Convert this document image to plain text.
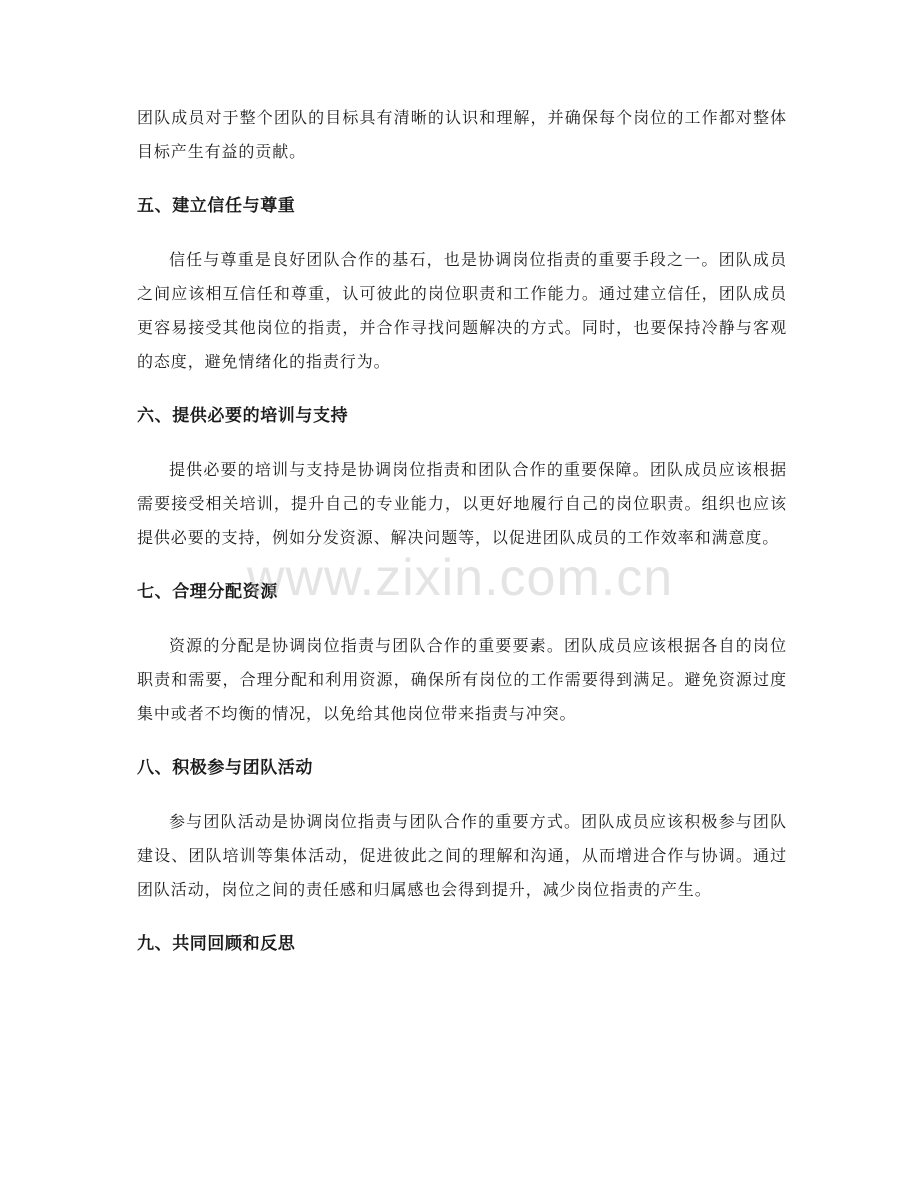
团队成员对于整个团队的目标具有清晰的认识和理解，并确保每个岗位的工作都对整体目标产生有益的贡献。

五、建立信任与尊重

信任与尊重是良好团队合作的基石，也是协调岗位指责的重要手段之一。团队成员之间应该相互信任和尊重，认可彼此的岗位职责和工作能力。通过建立信任，团队成员更容易接受其他岗位的指责，并合作寻找问题解决的方式。同时，也要保持冷静与客观的态度，避免情绪化的指责行为。

六、提供必要的培训与支持

提供必要的培训与支持是协调岗位指责和团队合作的重要保障。团队成员应该根据需要接受相关培训，提升自己的专业能力，以更好地履行自己的岗位职责。组织也应该提供必要的支持，例如分发资源、解决问题等，以促进团队成员的工作效率和满意度。

七、合理分配资源

资源的分配是协调岗位指责与团队合作的重要要素。团队成员应该根据各自的岗位职责和需要，合理分配和利用资源，确保所有岗位的工作需要得到满足。避免资源过度集中或者不均衡的情况，以免给其他岗位带来指责与冲突。

八、积极参与团队活动

参与团队活动是协调岗位指责与团队合作的重要方式。团队成员应该积极参与团队建设、团队培训等集体活动，促进彼此之间的理解和沟通，从而增进合作与协调。通过团队活动，岗位之间的责任感和归属感也会得到提升，减少岗位指责的产生。

九、共同回顾和反思
www.zixin.com.cn
